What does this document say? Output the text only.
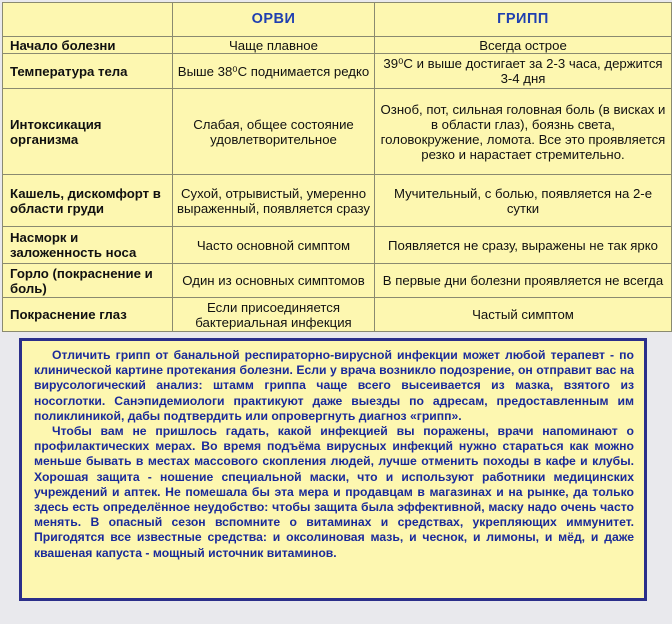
	ОРВИ	ГРИПП
Начало болезни	Чаще плавное	Всегда острое
Температура тела	Выше 38⁰С поднимается редко	39⁰С и выше достигает за 2-3 часа, держится 3-4 дня
Интоксикация организма	Слабая, общее состояние удовлетворительное	Озноб, пот, сильная головная боль (в висках и в области глаз), боязнь света, головокружение, ломота. Все это проявляется резко и нарастает стремительно.
Кашель, дискомфорт в области груди	Сухой, отрывистый, умеренно выраженный, появляется сразу	Мучительный, с болью, появляется на 2-е сутки
Насморк и заложенность носа	Часто основной симптом	Появляется не сразу, выражены не так ярко
Горло (покраснение и боль)	Один из основных симптомов	В первые дни болезни проявляется не всегда
Покраснение глаз	Если присоединяется бактериальная инфекция	Частый симптом

Отличить грипп от банальной респираторно-вирусной инфекции может любой терапевт - по клинической картине протекания болезни. Если у врача возникло подозрение, он отправит вас на вирусологический анализ: штамм гриппа чаще всего высеивается из мазка, взятого из носоглотки. Санэпидемиологи практикуют даже выезды по адресам, предоставленным им поликлиникой, дабы подтвердить или опровергнуть диагноз «грипп».

Чтобы вам не пришлось гадать, какой инфекцией вы поражены, врачи напоминают о профилактических мерах. Во время подъёма вирусных инфекций нужно стараться как можно меньше бывать в местах массового скопления людей, лучше отменить походы в кафе и клубы. Хорошая защита - ношение специальной маски, что и используют работники медицинских учреждений и аптек. Не помешала бы эта мера и продавцам в магазинах и на рынке, да только здесь есть определённое неудобство: чтобы защита была эффективной, маску надо очень часто менять. В опасный сезон вспомните о витаминах и средствах, укрепляющих иммунитет. Пригодятся все известные средства: и оксолиновая мазь, и чеснок, и лимоны, и мёд, и даже квашеная капуста - мощный источник витаминов.
